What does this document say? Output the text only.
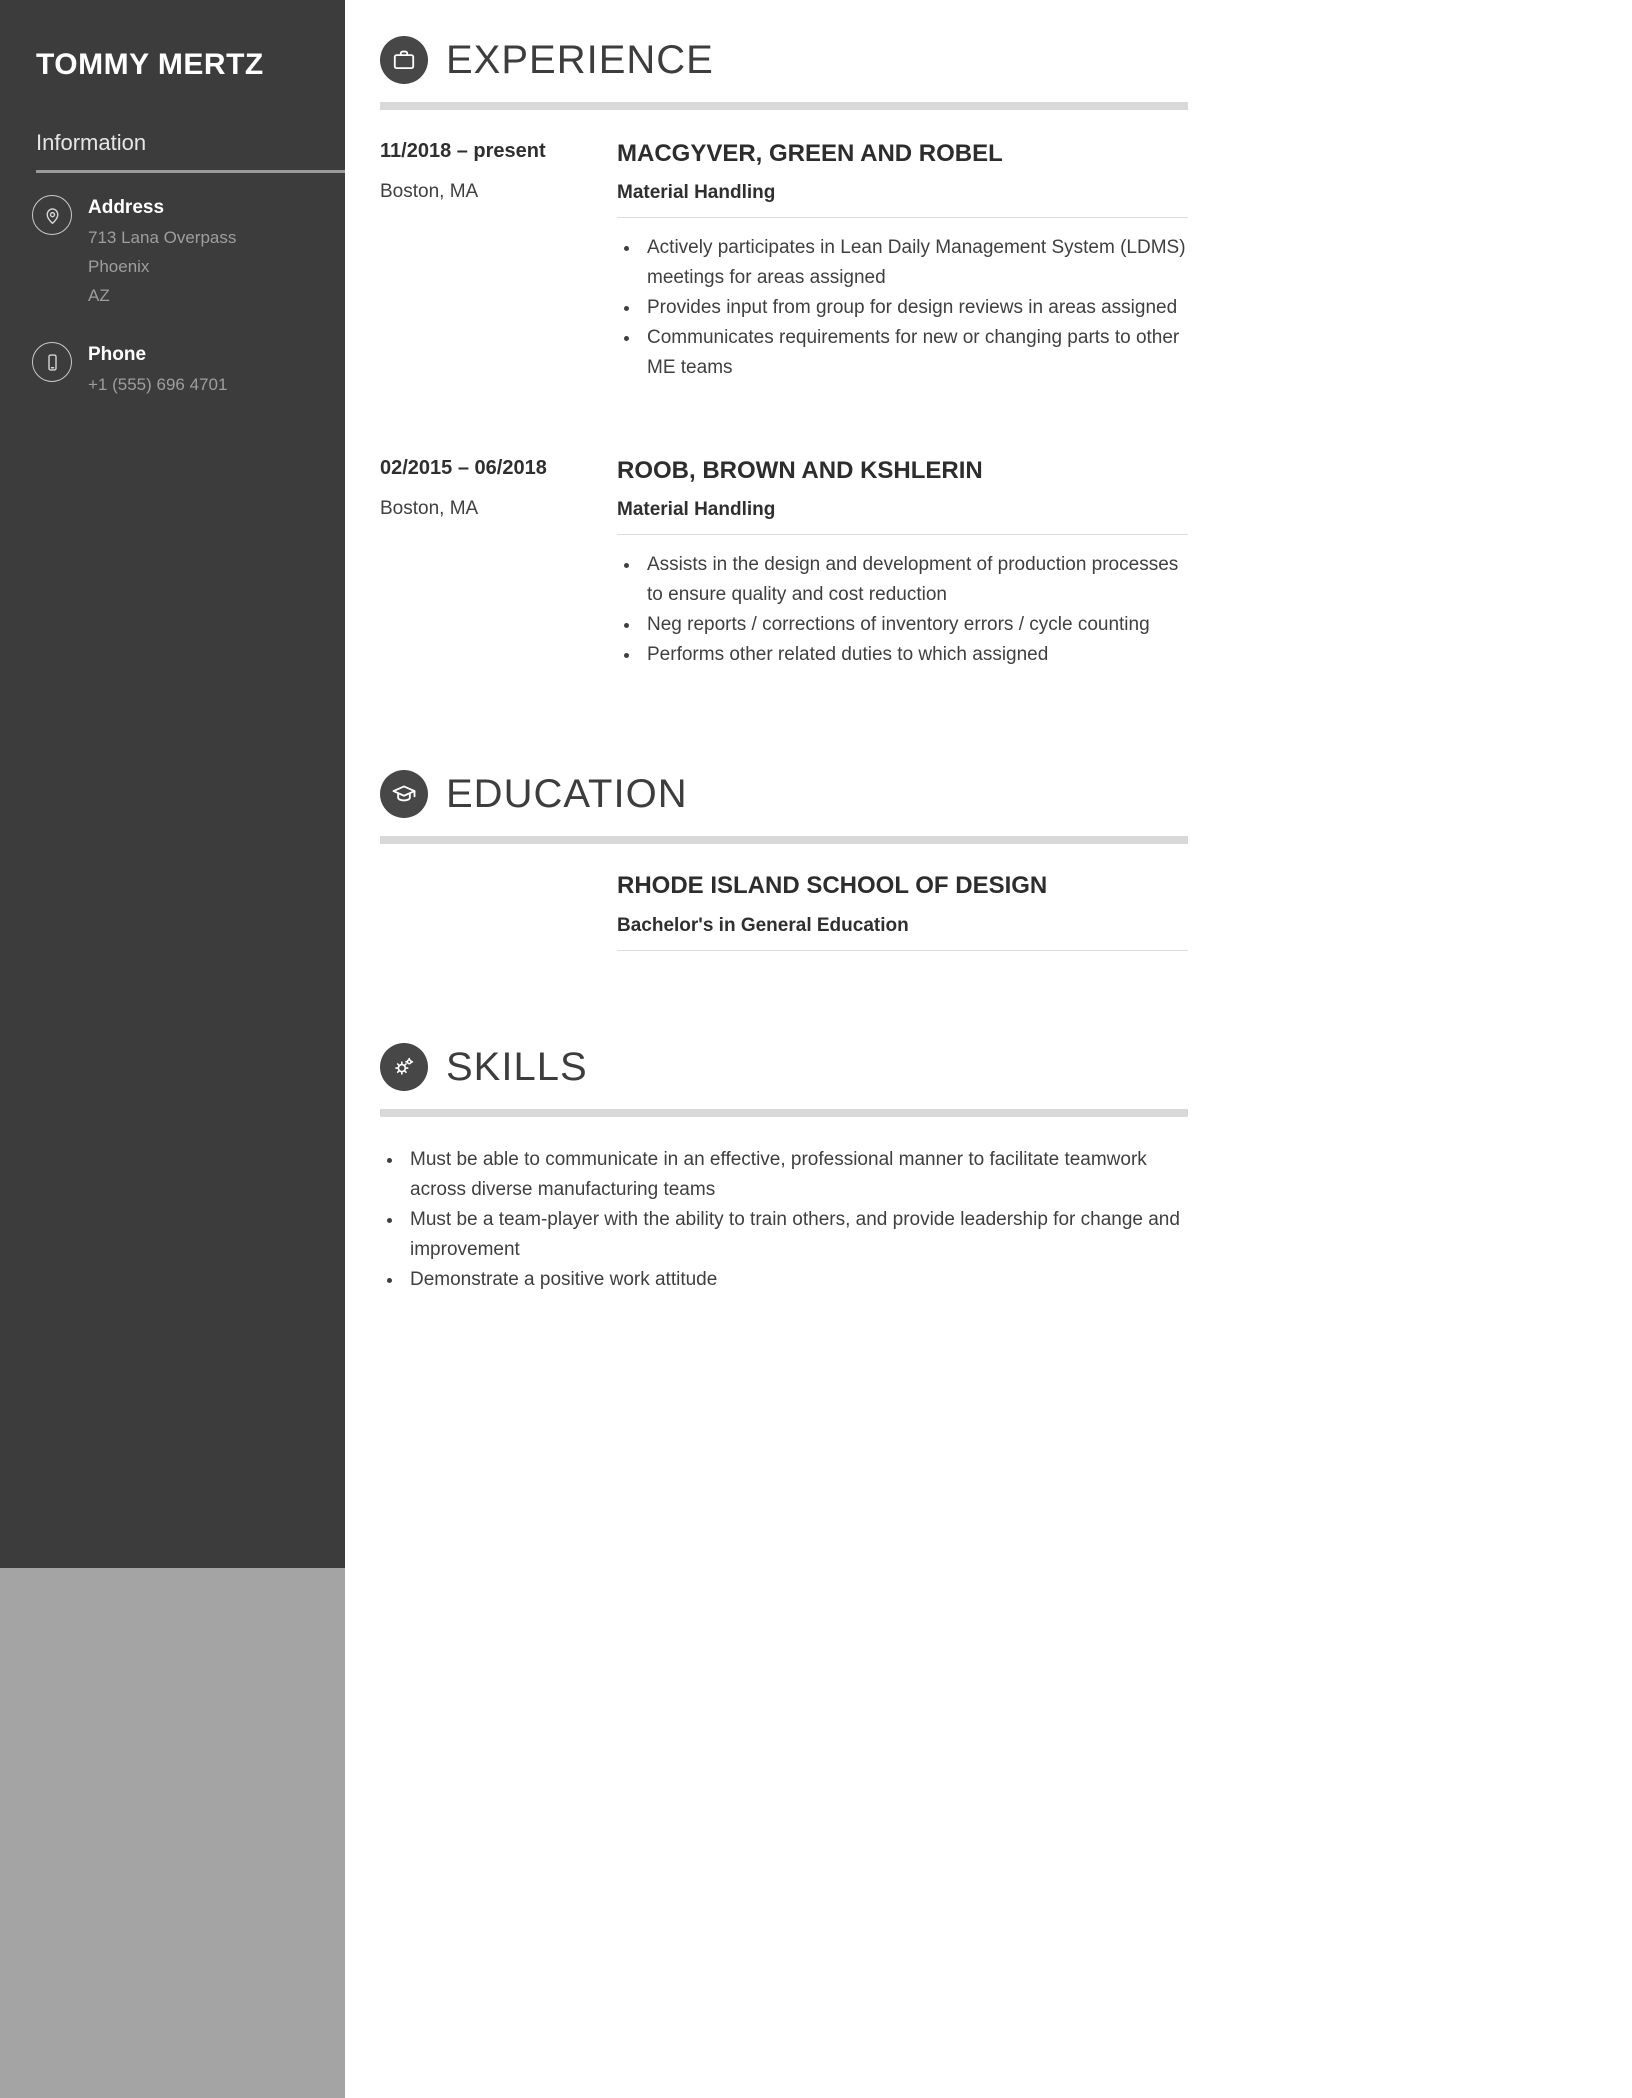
TOMMY MERTZ
Information
Address
713 Lana Overpass
Phoenix
AZ
Phone
+1 (555) 696 4701
EXPERIENCE
11/2018 – present
Boston, MA
MACGYVER, GREEN AND ROBEL
Material Handling
• Actively participates in Lean Daily Management System (LDMS) meetings for areas assigned
• Provides input from group for design reviews in areas assigned
• Communicates requirements for new or changing parts to other ME teams
02/2015 – 06/2018
Boston, MA
ROOB, BROWN AND KSHLERIN
Material Handling
• Assists in the design and development of production processes to ensure quality and cost reduction
• Neg reports / corrections of inventory errors / cycle counting
• Performs other related duties to which assigned
EDUCATION
RHODE ISLAND SCHOOL OF DESIGN
Bachelor's in General Education
SKILLS
• Must be able to communicate in an effective, professional manner to facilitate teamwork across diverse manufacturing teams
• Must be a team-player with the ability to train others, and provide leadership for change and improvement
• Demonstrate a positive work attitude
